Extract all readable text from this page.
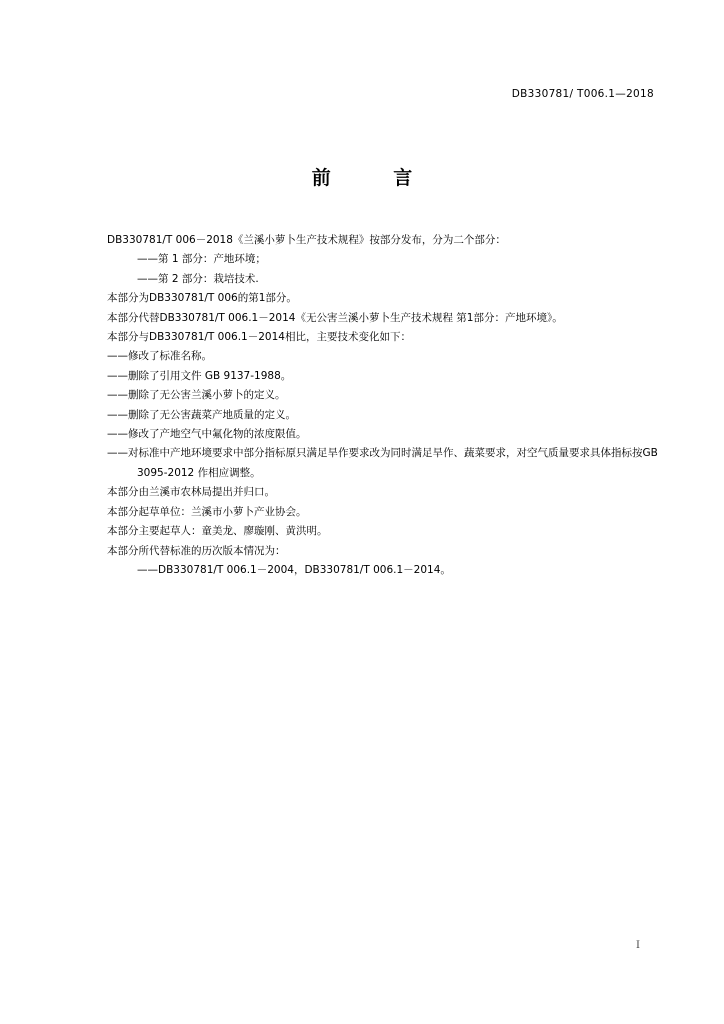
DB330781/ T006.1—2018
前 言
DB330781/T 006－2018《兰溪小萝卜生产技术规程》按部分发布，分为二个部分：
——第 1 部分：产地环境；
——第 2 部分：栽培技术.
本部分为DB330781/T 006的第1部分。
本部分代替DB330781/T 006.1－2014《无公害兰溪小萝卜生产技术规程 第1部分：产地环境》。
本部分与DB330781/T 006.1－2014相比，主要技术变化如下：
——修改了标准名称。
——删除了引用文件 GB 9137-1988。
——删除了无公害兰溪小萝卜的定义。
——删除了无公害蔬菜产地质量的定义。
——修改了产地空气中氟化物的浓度限值。
——对标准中产地环境要求中部分指标原只满足旱作要求改为同时满足旱作、蔬菜要求，对空气质量要求具体指标按GB 3095-2012 作相应调整。
本部分由兰溪市农林局提出并归口。
本部分起草单位：兰溪市小萝卜产业协会。
本部分主要起草人：童美龙、廖璇刚、黄洪明。
本部分所代替标准的历次版本情况为：
——DB330781/T 006.1－2004，DB330781/T 006.1－2014。
I
